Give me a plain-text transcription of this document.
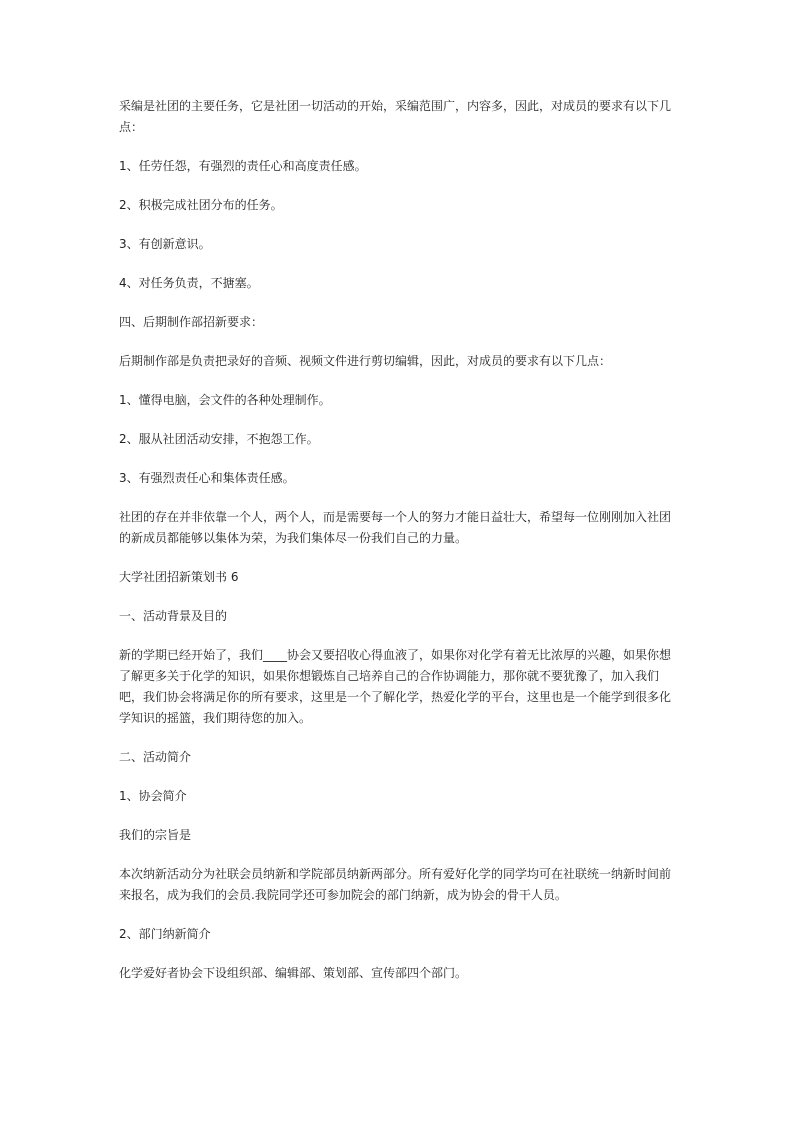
采编是社团的主要任务，它是社团一切活动的开始，采编范围广，内容多，因此，对成员的要求有以下几点：

1、任劳任怨，有强烈的责任心和高度责任感。

2、积极完成社团分布的任务。

3、有创新意识。

4、对任务负责，不搪塞。

四、后期制作部招新要求：

后期制作部是负责把录好的音频、视频文件进行剪切编辑，因此，对成员的要求有以下几点：

1、懂得电脑，会文件的各种处理制作。

2、服从社团活动安排，不抱怨工作。

3、有强烈责任心和集体责任感。

社团的存在并非依靠一个人，两个人，而是需要每一个人的努力才能日益壮大，希望每一位刚刚加入社团的新成员都能够以集体为荣，为我们集体尽一份我们自己的力量。

大学社团招新策划书 6

一、活动背景及目的

新的学期已经开始了，我们____协会又要招收心得血液了，如果你对化学有着无比浓厚的兴趣，如果你想了解更多关于化学的知识，如果你想锻炼自己培养自己的合作协调能力，那你就不要犹豫了，加入我们吧，我们协会将满足你的所有要求，这里是一个了解化学，热爱化学的平台，这里也是一个能学到很多化学知识的摇篮，我们期待您的加入。

二、活动简介

1、协会简介

我们的宗旨是

本次纳新活动分为社联会员纳新和学院部员纳新两部分。所有爱好化学的同学均可在社联统一纳新时间前来报名，成为我们的会员.我院同学还可参加院会的部门纳新，成为协会的骨干人员。

2、部门纳新简介

化学爱好者协会下设组织部、编辑部、策划部、宣传部四个部门。
